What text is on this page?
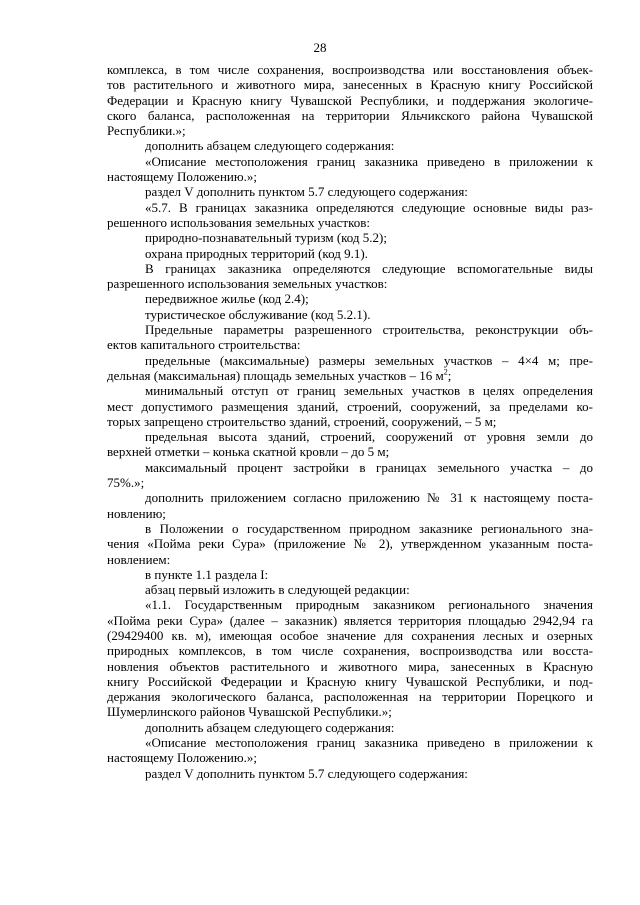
28
комплекса, в том числе сохранения, воспроизводства или восстановления объек-
тов растительного и животного мира, занесенных в Красную книгу Российской
Федерации и Красную книгу Чувашской Республики, и поддержания экологиче-
ского баланса, расположенная на территории Яльчикского района Чувашской
Республики.»;
дополнить абзацем следующего содержания:
«Описание местоположения границ заказника приведено в приложении к
настоящему Положению.»;
раздел V дополнить пунктом 5.7 следующего содержания:
«5.7. В границах заказника определяются следующие основные виды раз-
решенного использования земельных участков:
природно-познавательный туризм (код 5.2);
охрана природных территорий (код 9.1).
В границах заказника определяются следующие вспомогательные виды
разрешенного использования земельных участков:
передвижное жилье (код 2.4);
туристическое обслуживание (код 5.2.1).
Предельные параметры разрешенного строительства, реконструкции объ-
ектов капитального строительства:
предельные (максимальные) размеры земельных участков – 4×4 м; пре-
дельная (максимальная) площадь земельных участков – 16 $м^2$;
минимальный отступ от границ земельных участков в целях определения
мест допустимого размещения зданий, строений, сооружений, за пределами ко-
торых запрещено строительство зданий, строений, сооружений, – 5 м;
предельная высота зданий, строений, сооружений от уровня земли до
верхней отметки – конька скатной кровли – до 5 м;
максимальный процент застройки в границах земельного участка – до
75%.»;
дополнить приложением согласно приложению № 31 к настоящему поста-
новлению;
в Положении о государственном природном заказнике регионального зна-
чения «Пойма реки Сура» (приложение № 2), утвержденном указанным поста-
новлением:
в пункте 1.1 раздела I:
абзац первый изложить в следующей редакции:
«1.1. Государственным природным заказником регионального значения
«Пойма реки Сура» (далее – заказник) является территория площадью 2942,94 га
(29429400 кв. м), имеющая особое значение для сохранения лесных и озерных
природных комплексов, в том числе сохранения, воспроизводства или восста-
новления объектов растительного и животного мира, занесенных в Красную
книгу Российской Федерации и Красную книгу Чувашской Республики, и под-
держания экологического баланса, расположенная на территории Порецкого и
Шумерлинского районов Чувашской Республики.»;
дополнить абзацем следующего содержания:
«Описание местоположения границ заказника приведено в приложении к
настоящему Положению.»;
раздел V дополнить пунктом 5.7 следующего содержания:
